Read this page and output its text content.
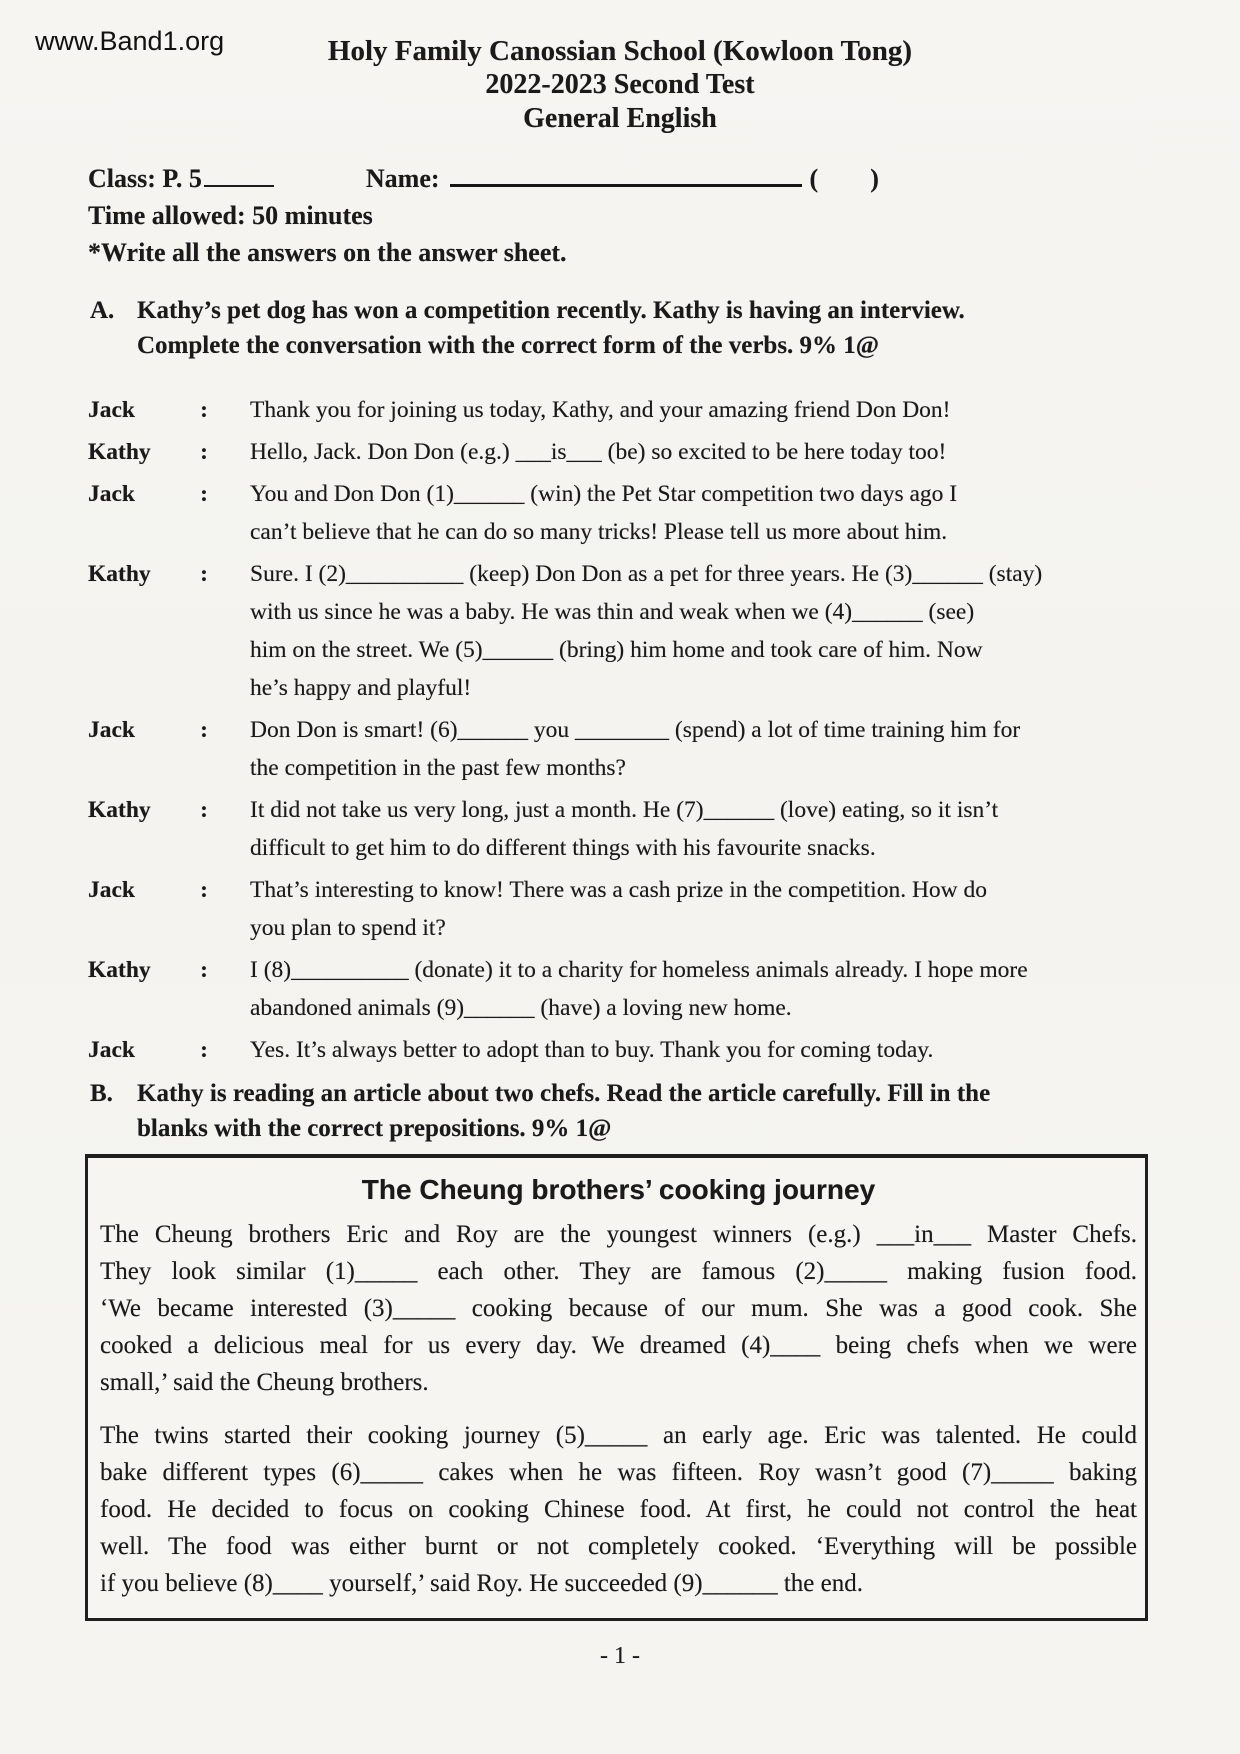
www.Band1.org	Holy Family Canossian School (Kowloon Tong)
2022-2023 Second Test
General English
Class: P. 5	Name:	( )
Time allowed: 50 minutes
*Write all the answers on the answer sheet.
A. Kathy’s pet dog has won a competition recently. Kathy is having an interview.
Complete the conversation with the correct form of the verbs. 9% 1@
Jack	: Thank you for joining us today, Kathy, and your amazing friend Don Don!
Kathy : Hello, Jack. Don Don (e.g.) ___is___ (be) so excited to be here today too!
Jack	: You and Don Don (1)______ (win) the Pet Star competition two days ago I
can’t believe that he can do so many tricks! Please tell us more about him.
Kathy : Sure. I (2)__________ (keep) Don Don as a pet for three years. He (3)______ (stay)
with us since he was a baby. He was thin and weak when we (4)______ (see)
him on the street. We (5)______ (bring) him home and took care of him. Now
he’s happy and playful!
Jack	: Don Don is smart! (6)______ you ________ (spend) a lot of time training him for
the competition in the past few months?
Kathy : It did not take us very long, just a month. He (7)______ (love) eating, so it isn’t
difficult to get him to do different things with his favourite snacks.
Jack	: That’s interesting to know! There was a cash prize in the competition. How do
you plan to spend it?
Kathy : I (8)__________ (donate) it to a charity for homeless animals already. I hope more
abandoned animals (9)______ (have) a loving new home.
Jack	: Yes. It’s always better to adopt than to buy. Thank you for coming today.
B. Kathy is reading an article about two chefs. Read the article carefully. Fill in the
blanks with the correct prepositions. 9% 1@
The Cheung brothers’ cooking journey

The Cheung brothers Eric and Roy are the youngest winners (e.g.) ___in___ Master Chefs.
They look similar (1)_____ each other. They are famous (2)_____ making fusion food.
‘We became interested (3)_____ cooking because of our mum. She was a good cook. She
cooked a delicious meal for us every day. We dreamed (4)____ being chefs when we were
small,’ said the Cheung brothers.

The twins started their cooking journey (5)_____ an early age. Eric was talented. He could
bake different types (6)_____ cakes when he was fifteen. Roy wasn’t good (7)_____ baking
food. He decided to focus on cooking Chinese food. At first, he could not control the heat
well. The food was either burnt or not completely cooked. ‘Everything will be possible
if you believe (8)____ yourself,’ said Roy. He succeeded (9)______ the end.

- 1 -
